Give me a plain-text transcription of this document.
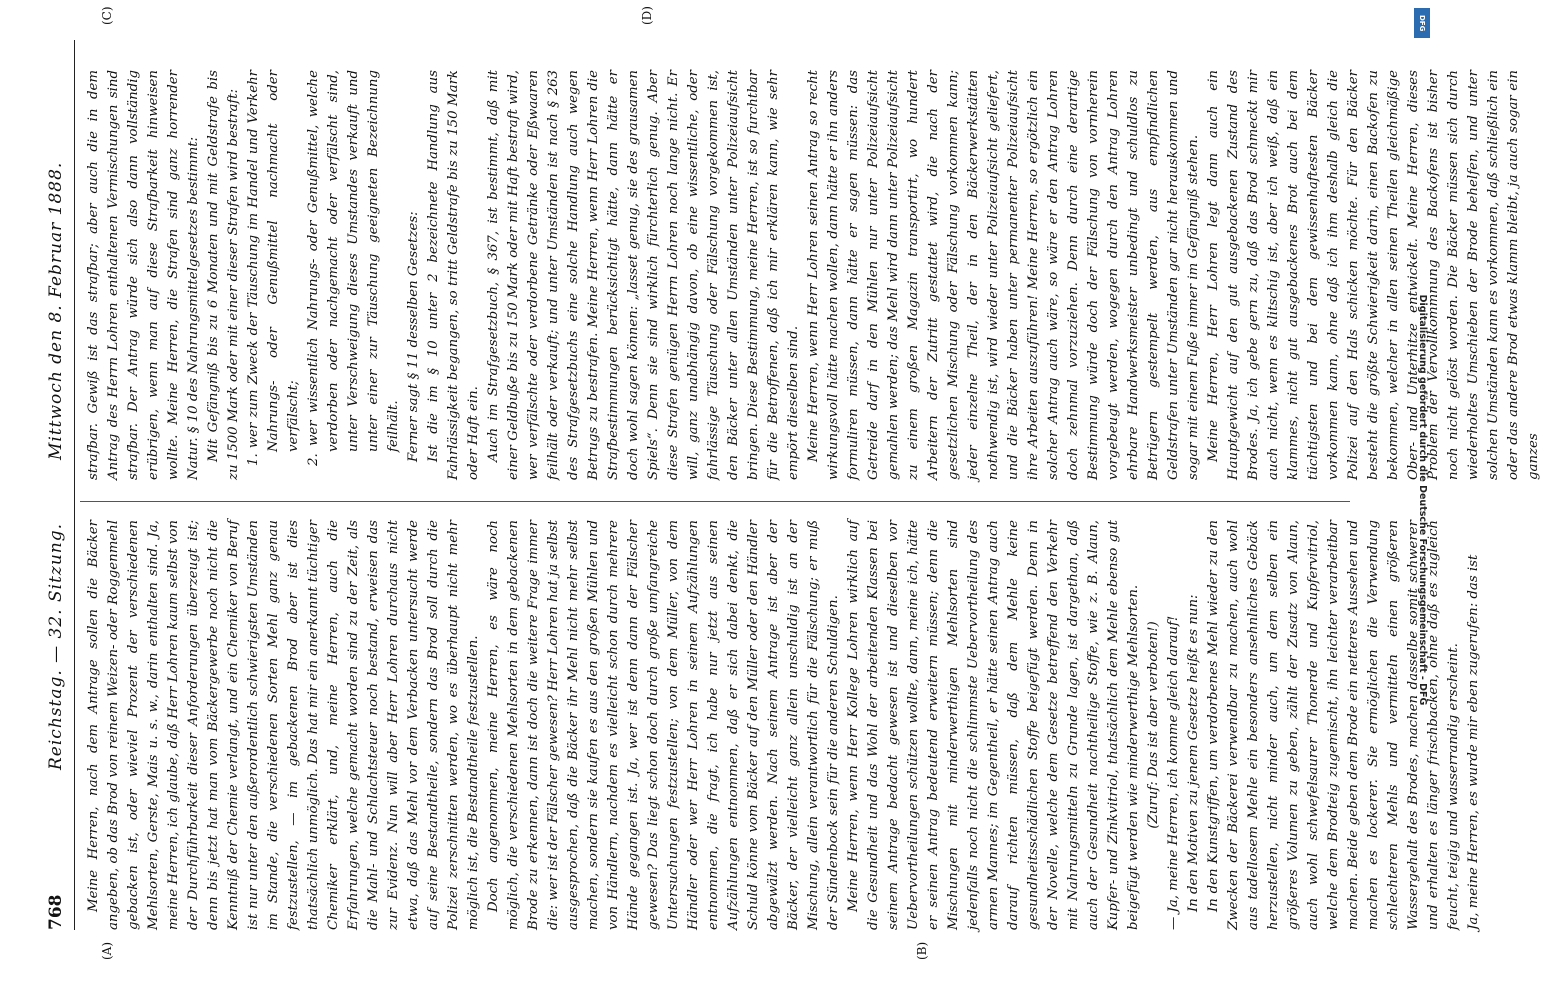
768
Reichstag. — 32. Sitzung.
Mittwoch den 8. Februar 1888.
(A)	(B)
(C)	(D)

Meine Herren, nach dem Antrage sollen die Bäcker angeben, ob das Brod von reinem Weizen- oder Roggenmehl gebacken ist, oder wieviel Prozent der verschiedenen Mehlsorten, Gerste, Mais u. s. w., darin enthalten sind. Ja, meine Herren, ich glaube, daß Herr Lohren kaum selbst von der Durchführbarkeit dieser Anforderungen überzeugt ist; denn bis jetzt hat man vom Bäckergewerbe noch nicht die Kenntniß der Chemie verlangt, und ein Chemiker von Beruf ist nur unter den außerordentlich schwierigsten Umständen im Stande, die verschiedenen Sorten Mehl ganz genau festzustellen, — im gebackenen Brod aber ist dies thatsächlich unmöglich. Das hat mir ein anerkannt tüchtiger Chemiker erklärt, und, meine Herren, auch die Erfahrungen, welche gemacht worden sind zu der Zeit, als die Mahl- und Schlachtsteuer noch bestand, erweisen das zur Evidenz. Nun will aber Herr Lohren durchaus nicht etwa, daß das Mehl vor dem Verbacken untersucht werde auf seine Bestandtheile, sondern das Brod soll durch die Polizei zerschnitten werden, wo es überhaupt nicht mehr möglich ist, die Bestandtheile festzustellen. Doch angenommen, meine Herren, es wäre noch möglich, die verschiedenen Mehlsorten in dem gebackenen Brode zu erkennen, dann ist doch die weitere Frage immer die: wer ist der Fälscher gewesen? Herr Lohren hat ja selbst ausgesprochen, daß die Bäcker ihr Mehl nicht mehr selbst machen, sondern sie kaufen es aus den großen Mühlen und von Händlern, nachdem es vielleicht schon durch mehrere Hände gegangen ist. Ja, wer ist denn dann der Fälscher gewesen? Das liegt schon doch durch große umfangreiche Untersuchungen festzustellen; von dem Müller, von dem Händler oder wer Herr Lohren in seinem Aufzählungen entnommen, die fragt, ich habe nur jetzt aus seinen Aufzählungen entnommen, daß er sich dabei denkt, die Schuld könne vom Bäcker auf den Müller oder den Händler abgewälzt werden. Nach seinem Antrage ist aber der Bäcker, der vielleicht ganz allein unschuldig ist an der Mischung, allein verantwortlich für die Fälschung; er muß der Sündenbock sein für die anderen Schuldigen. Meine Herren, wenn Herr Kollege Lohren wirklich auf die Gesundheit und das Wohl der arbeitenden Klassen bei seinem Antrage bedacht gewesen ist und dieselben vor Uebervortheilungen schützen wollte, dann, meine ich, hätte er seinen Antrag bedeutend erweitern müssen; denn die Mischungen mit minderwerthigen Mehlsorten sind jedenfalls noch nicht die schlimmste Uebervortheilung des armen Mannes; im Gegentheil, er hätte seinen Antrag auch darauf richten müssen, daß dem Mehle keine gesundheitsschädlichen Stoffe beigefügt werden. Denn in der Novelle, welche dem Gesetze betreffend den Verkehr mit Nahrungsmitteln zu Grunde lagen, ist dargethan, daß auch der Gesundheit nachtheilige Stoffe, wie z. B. Alaun, Kupfer- und Zinkvitriol, thatsächlich dem Mehle ebenso gut beigefügt werden wie minderwerthige Mehlsorten. (Zuruf: Das ist aber verboten!) — Ja, meine Herren, ich komme gleich darauf! In den Motiven zu jenem Gesetze heißt es nun: In den Kunstgriffen, um verdorbenes Mehl wieder zu den Zwecken der Bäckerei verwendbar zu machen, auch wohl aus tadellosem Mehle ein besonders ansehnliches Gebäck herzustellen, nicht minder auch, um dem selben ein größeres Volumen zu geben, zählt der Zusatz von Alaun, auch wohl schwefelsaurer Thonerde und Kupfervitriol, welche dem Brodteig zugemischt, ihn leichter verarbeitbar machen. Beide geben dem Brode ein netteres Aussehen und machen es lockerer. Sie ermöglichen die Verwendung schlechteren Mehls und vermitteln einen größeren Wassergehalt des Brodes, machen dasselbe somit schwerer und erhalten es länger frischbacken, ohne daß es zugleich feucht, teigig und wasserrandig erscheint. Ja, meine Herren, es wurde mir eben zugerufen: das ist

strafbar. Gewiß ist das strafbar; aber auch die in dem Antrag des Herrn Lohren enthaltenen Vermischungen sind strafbar. Der Antrag würde sich also dann vollständig erübrigen, wenn man auf diese Strafbarkeit hinweisen wollte. Meine Herren, die Strafen sind ganz horrender Natur. § 10 des Nahrungsmittelgesetzes bestimmt: Mit Gefängniß bis zu 6 Monaten und mit Geldstrafe bis zu 1500 Mark oder mit einer dieser Strafen wird bestraft: 1. wer zum Zweck der Täuschung im Handel und Verkehr Nahrungs- oder Genußmittel nachmacht oder verfälscht; 2. wer wissentlich Nahrungs- oder Genußmittel, welche verdorben oder nachgemacht oder verfälscht sind, unter Verschweigung dieses Umstandes verkauft und unter einer zur Täuschung geeigneten Bezeichnung feilhält. Ferner sagt § 11 desselben Gesetzes: Ist die im § 10 unter 2 bezeichnete Handlung aus Fahrlässigkeit begangen, so tritt Geldstrafe bis zu 150 Mark oder Haft ein. Auch im Strafgesetzbuch, § 367, ist bestimmt, daß mit einer Geldbuße bis zu 150 Mark oder mit Haft bestraft wird, wer verfälschte oder verdorbene Getränke oder Eßwaaren feilhält oder verkauft; und unter Umständen ist nach § 263 des Strafgesetzbuchs eine solche Handlung auch wegen Betrugs zu bestrafen. Meine Herren, wenn Herr Lohren die Strafbestimmungen berücksichtigt hätte, dann hätte er doch wohl sagen können: „lasset genug, sie des grausamen Spiels“. Denn sie sind wirklich fürchterlich genug. Aber diese Strafen genügen Herrn Lohren noch lange nicht. Er will, ganz unabhängig davon, ob eine wissentliche, oder fahrlässige Täuschung oder Fälschung vorgekommen ist, den Bäcker unter allen Umständen unter Polizeiaufsicht bringen. Diese Bestimmung, meine Herren, ist so furchtbar für die Betroffenen, daß ich mir erklären kann, wie sehr empört dieselben sind. Meine Herren, wenn Herr Lohren seinen Antrag so recht wirkungsvoll hätte machen wollen, dann hätte er ihn anders formuliren müssen, dann hätte er sagen müssen: das Getreide darf in den Mühlen nur unter Polizeiaufsicht gemahlen werden; das Mehl wird dann unter Polizeiaufsicht zu einem großen Magazin transportirt, wo hundert Arbeitern der Zutritt gestattet wird, die nach der gesetzlichen Mischung oder Fälschung vorkommen kann; jeder einzelne Theil, der in den Bäckerwerkstätten nothwendig ist, wird wieder unter Polizeiaufsicht geliefert, und die Bäcker haben unter permanenter Polizeiaufsicht ihre Arbeiten auszuführen! Meine Herren, so ergötzlich ein solcher Antrag auch wäre, so wäre er den Antrag Lohren doch zehnmal vorzuziehen. Denn durch eine derartige Bestimmung würde doch der Fälschung von vornherein vorgebeugt werden, wogegen durch den Antrag Lohren ehrbare Handwerksmeister unbedingt und schuldlos zu Betrügern gestempelt werden, aus empfindlichen Geldstrafen unter Umständen gar nicht herauskommen und sogar mit einem Fuße immer im Gefängniß stehen. Meine Herren, Herr Lohren legt dann auch ein Hauptgewicht auf den gut ausgebackenen Zustand des Brodes. Ja, ich gebe gern zu, daß das Brod schmeckt mir auch nicht, wenn es klitschig ist, aber ich weiß, daß ein klammes, nicht gut ausgebackenes Brot auch bei dem tüchtigsten und bei dem gewissenhaftesten Bäcker vorkommen kann, ohne daß ich ihm deshalb gleich die Polizei auf den Hals schicken möchte. Für den Bäcker besteht die größte Schwierigkeit darin, einen Backofen zu bekommen, welcher in allen seinen Theilen gleichmäßige Ober- und Unterhitze entwickelt. Meine Herren, dieses Problem der Vervollkommnung des Backofens ist bisher noch nicht gelöst worden. Die Bäcker müssen sich durch wiederholtes Umschieben der Brode behelfen, und unter solchen Umständen kann es vorkommen, daß schließlich ein oder das andere Brod etwas klamm bleibt, ja auch sogar ein ganzes

DFG
Digitalisierung gefördert durch die Deutsche Forschungsgemeinschaft - DFG
